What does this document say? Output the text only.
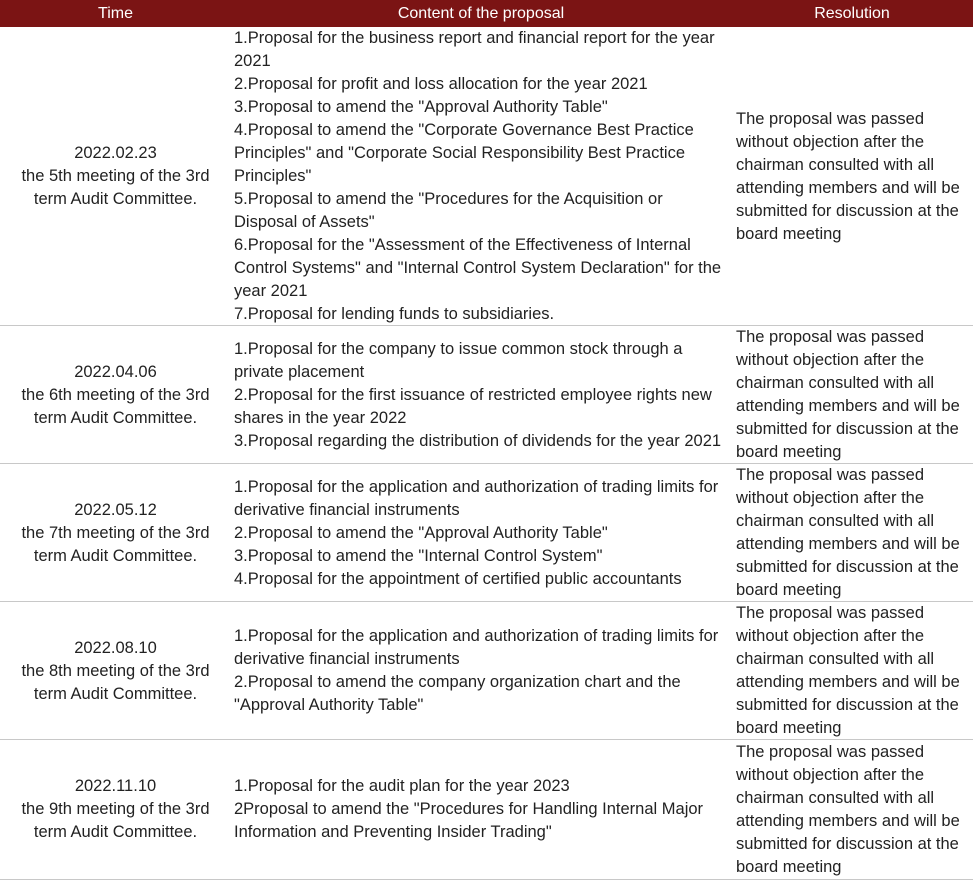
Time	Content of the proposal	Resolution
2022.02.23
the 5th meeting of the 3rd term Audit Committee.
1.Proposal for the business report and financial report for the year 2021
2.Proposal for profit and loss allocation for the year 2021
3.Proposal to amend the "Approval Authority Table"
4.Proposal to amend the "Corporate Governance Best Practice Principles" and "Corporate Social Responsibility Best Practice Principles"
5.Proposal to amend the "Procedures for the Acquisition or Disposal of Assets"
6.Proposal for the "Assessment of the Effectiveness of Internal Control Systems" and "Internal Control System Declaration" for the year 2021
7.Proposal for lending funds to subsidiaries.
The proposal was passed without objection after the chairman consulted with all attending members and will be submitted for discussion at the board meeting
2022.04.06
the 6th meeting of the 3rd term Audit Committee.
1.Proposal for the company to issue common stock through a private placement
2.Proposal for the first issuance of restricted employee rights new shares in the year 2022
3.Proposal regarding the distribution of dividends for the year 2021
The proposal was passed without objection after the chairman consulted with all attending members and will be submitted for discussion at the board meeting
2022.05.12
the 7th meeting of the 3rd term Audit Committee.
1.Proposal for the application and authorization of trading limits for derivative financial instruments
2.Proposal to amend the "Approval Authority Table"
3.Proposal to amend the "Internal Control System"
4.Proposal for the appointment of certified public accountants
The proposal was passed without objection after the chairman consulted with all attending members and will be submitted for discussion at the board meeting
2022.08.10
the 8th meeting of the 3rd term Audit Committee.
1.Proposal for the application and authorization of trading limits for derivative financial instruments
2.Proposal to amend the company organization chart and the "Approval Authority Table"
The proposal was passed without objection after the chairman consulted with all attending members and will be submitted for discussion at the board meeting
2022.11.10
the 9th meeting of the 3rd term Audit Committee.
1.Proposal for the audit plan for the year 2023
2Proposal to amend the "Procedures for Handling Internal Major Information and Preventing Insider Trading"
The proposal was passed without objection after the chairman consulted with all attending members and will be submitted for discussion at the board meeting
